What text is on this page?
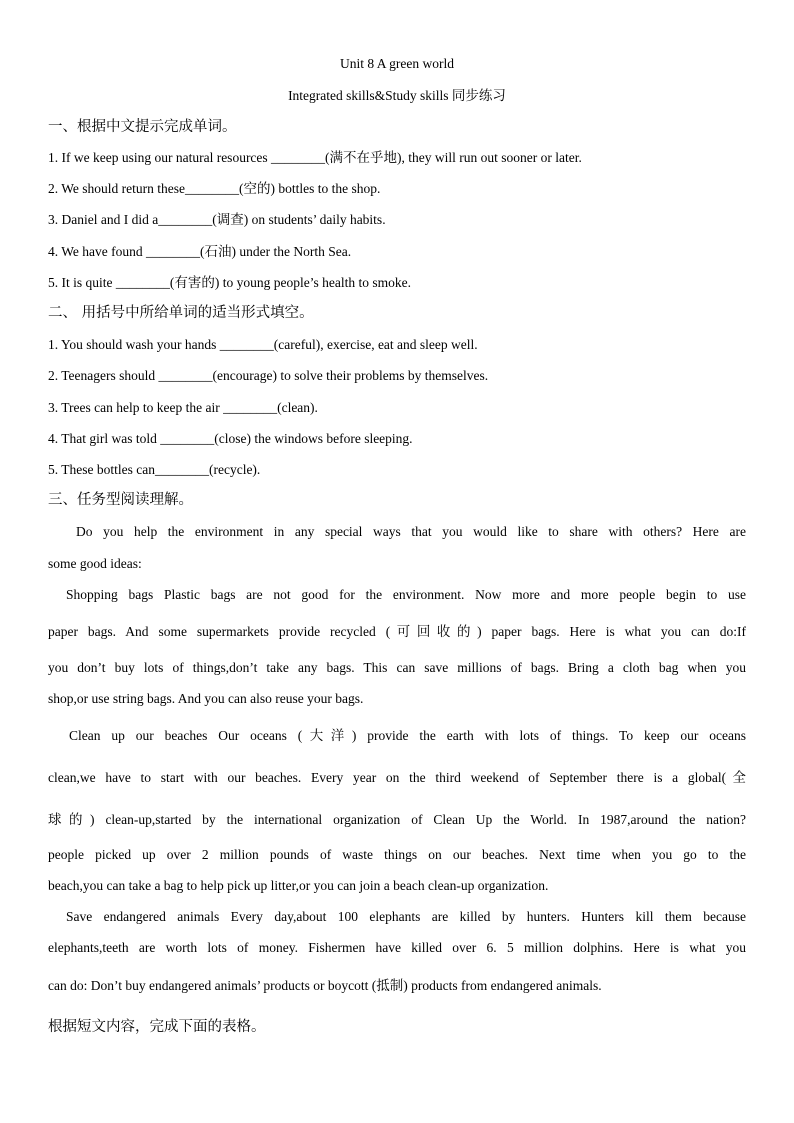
Unit 8 A green world
Integrated skills&Study skills 同步练习
一、根据中文提示完成单词。
1. If we keep using our natural resources ________(满不在乎地), they will run out sooner or later.
2. We should return these________(空的) bottles to the shop.
3. Daniel and I did a________(调查) on students’ daily habits.
4. We have found ________(石油) under the North Sea.
5. It is quite ________(有害的) to young people’s health to smoke.
二、 用括号中所给单词的适当形式填空。
1. You should wash your hands ________(careful), exercise, eat and sleep well.
2. Teenagers should ________(encourage) to solve their problems by themselves.
3. Trees can help to keep the air ________(clean).
4. That girl was told ________(close) the windows before sleeping.
5. These bottles can________(recycle).
三、任务型阅读理解。
Do you help the environment in any special ways that you would like to share with others? Here are
some good ideas:
Shopping bags Plastic bags are not good for the environment. Now more and more people begin to use
paper bags. And some supermarkets provide recycled (可回收的) paper bags. Here is what you can do:If
you don’t buy lots of things,don’t take any bags. This can save millions of bags. Bring a cloth bag when you
shop,or use string bags. And you can also reuse your bags.
Clean up our beaches Our oceans (大洋) provide the earth with lots of things. To keep our oceans
clean,we have to start with our beaches. Every year on the third weekend of September there is a global(全
球的) clean-up,started by the international organization of Clean Up the World. In 1987,around the nation?
people picked up over 2 million pounds of waste things on our beaches. Next time when you go to the
beach,you can take a bag to help pick up litter,or you can join a beach clean-up organization.
Save endangered animals Every day,about 100 elephants are killed by hunters. Hunters kill them because
elephants,teeth are worth lots of money. Fishermen have killed over 6. 5 million dolphins. Here is what you
can do: Don’t buy endangered animals’ products or boycott (抵制) products from endangered animals.
根据短文内容，完成下面的表格。
